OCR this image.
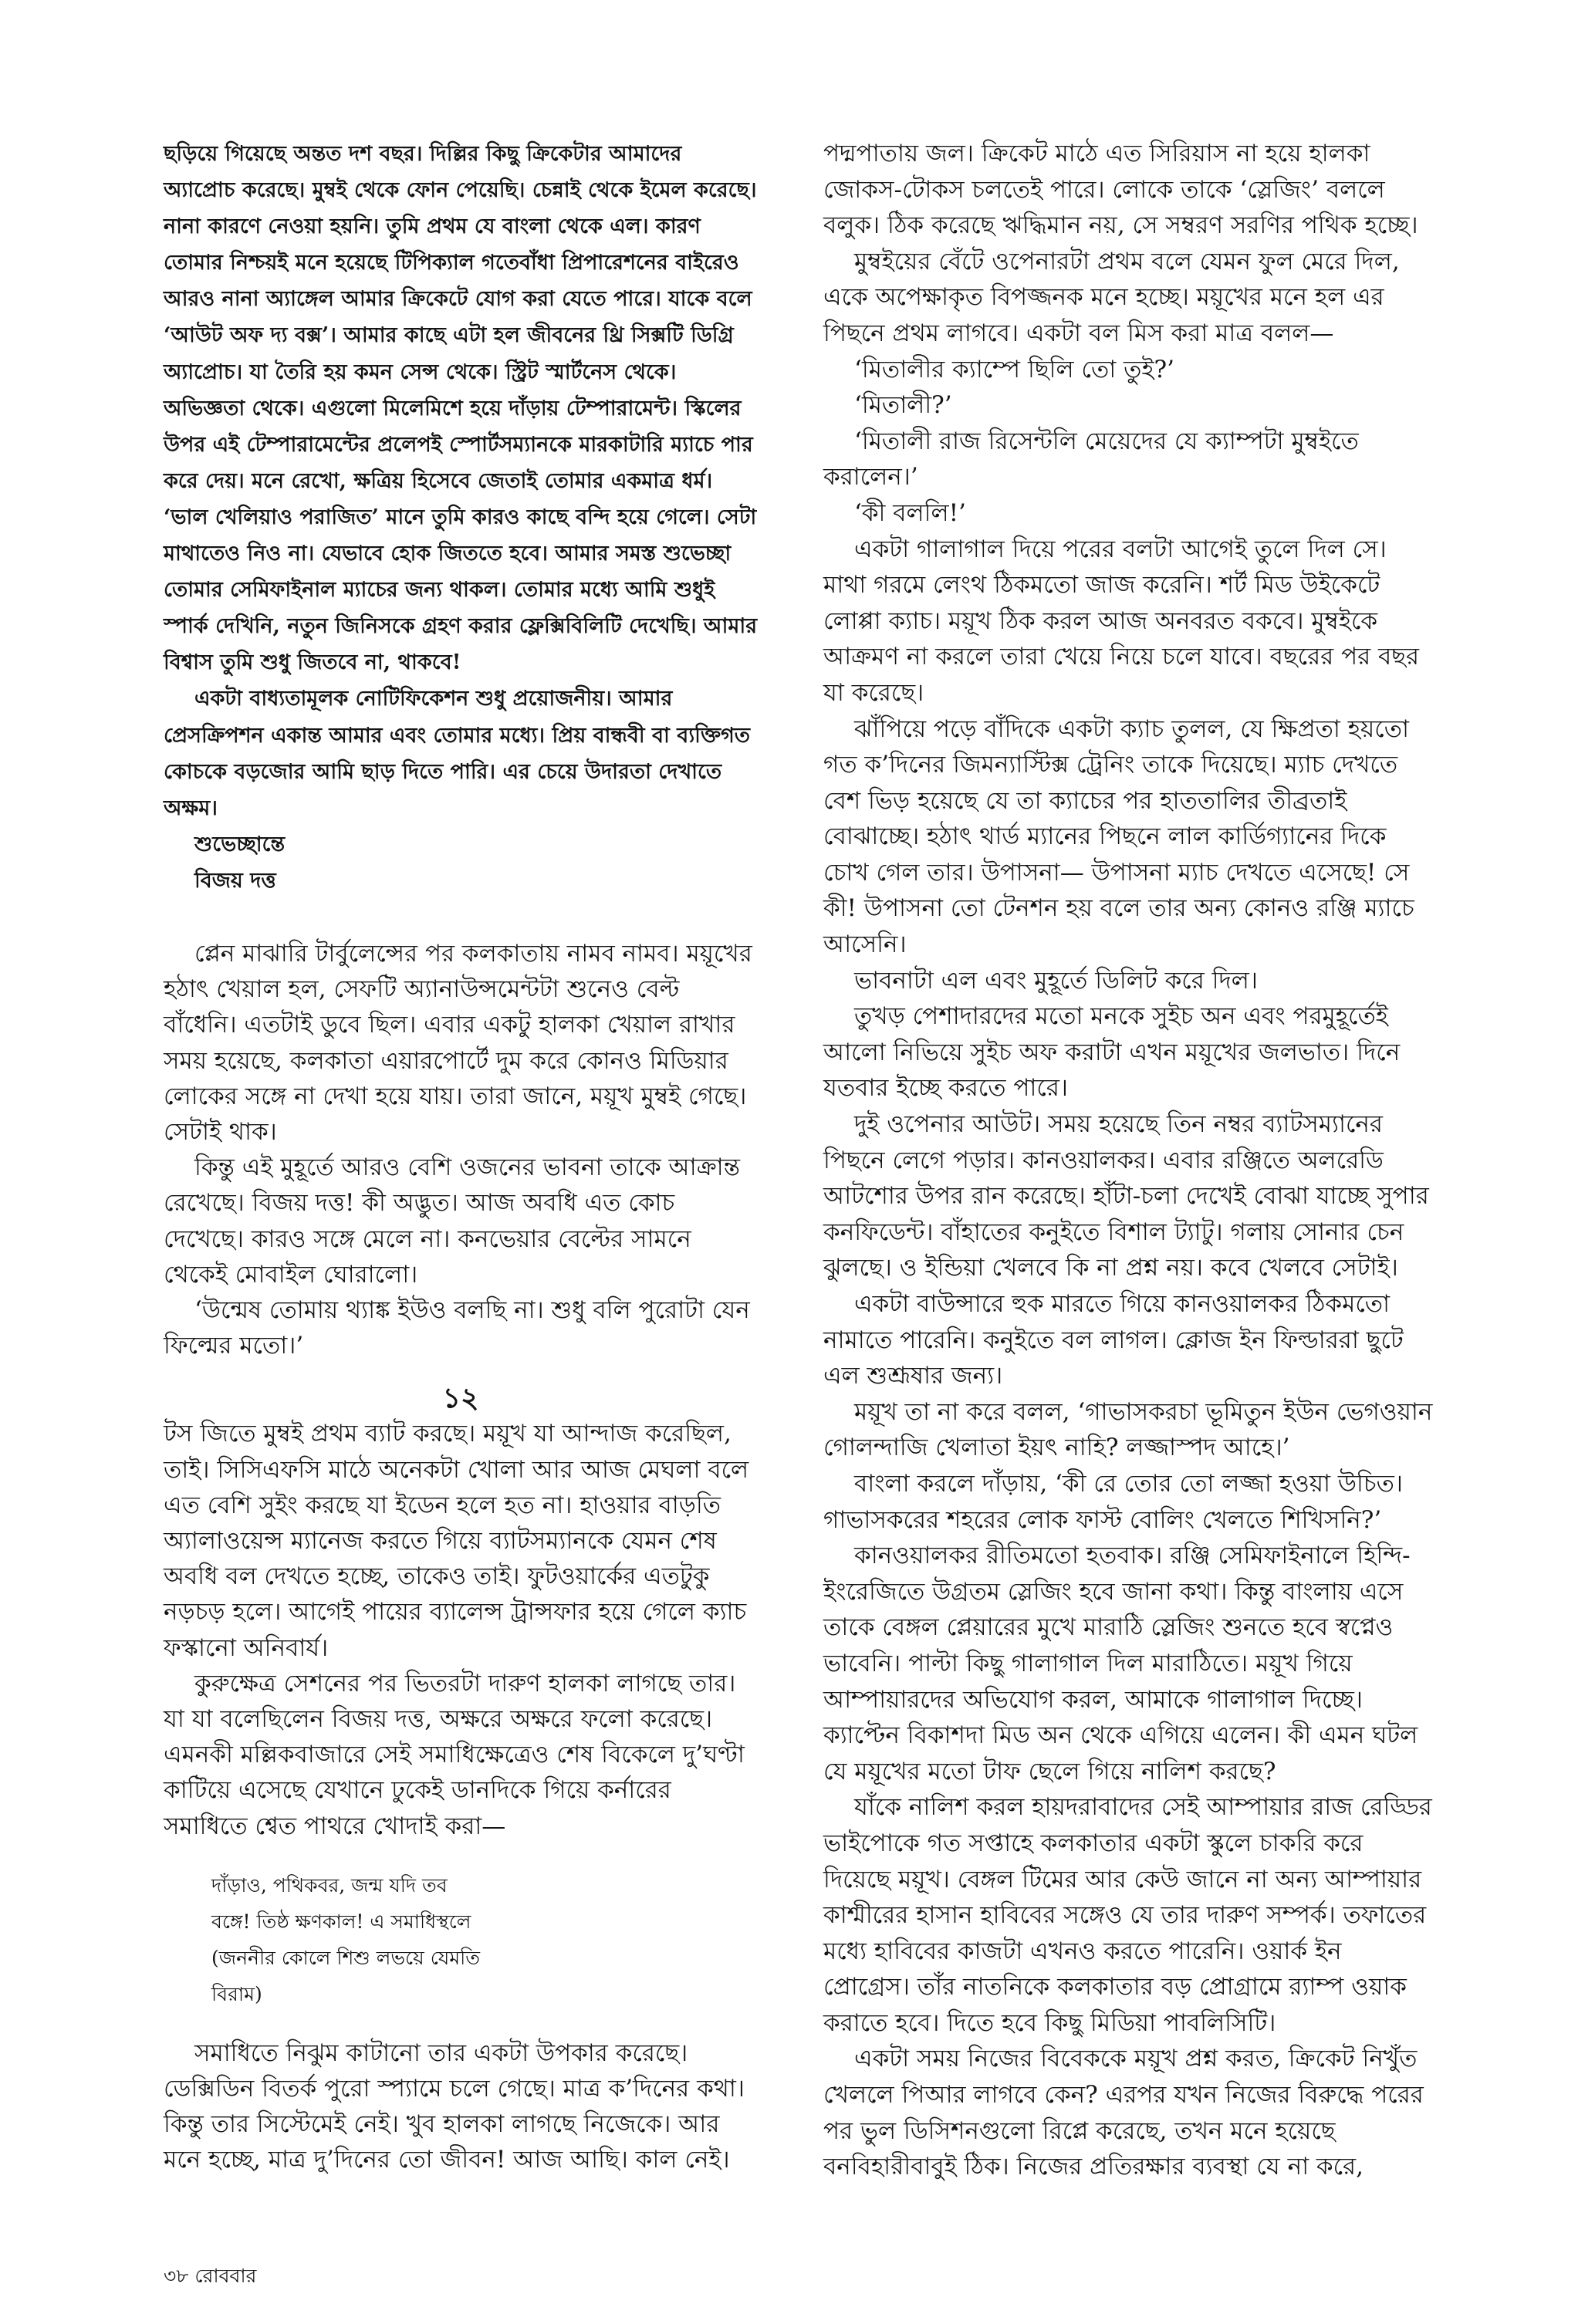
ছড়িয়ে গিয়েছে অন্তত দশ বছর। দিল্লির কিছু ক্রিকেটার আমাদের অ্যাপ্রোচ করেছে। মুম্বই থেকে ফোন পেয়েছি। চেন্নাই থেকে ইমেল করেছে। নানা কারণে নেওয়া হয়নি। তুমি প্রথম যে বাংলা থেকে এল। কারণ তোমার নিশ্চয়ই মনে হয়েছে টিপিক্যাল গতেবাঁধা প্রিপারেশনের বাইরেও আরও নানা অ্যাঙ্গেল আমার ক্রিকেটে যোগ করা যেতে পারে। যাকে বলে ‘আউট অফ দ্য বক্স’। আমার কাছে এটা হল জীবনের থ্রি সিক্সটি ডিগ্রি অ্যাপ্রোচ। যা তৈরি হয় কমন সেন্স থেকে। স্ট্রিট স্মার্টনেস থেকে। অভিজ্ঞতা থেকে। এগুলো মিলেমিশে হয়ে দাঁড়ায় টেম্পারামেন্ট। স্কিলের উপর এই টেম্পারামেন্টের প্রলেপই স্পোর্টসম্যানকে মারকাটারি ম্যাচে পার করে দেয়। মনে রেখো, ক্ষত্রিয় হিসেবে জেতাই তোমার একমাত্র ধর্ম। ‘ভাল খেলিয়াও পরাজিত’ মানে তুমি কারও কাছে বন্দি হয়ে গেলে। সেটা মাথাতেও নিও না। যেভাবে হোক জিততে হবে। আমার সমস্ত শুভেচ্ছা তোমার সেমিফাইনাল ম্যাচের জন্য থাকল। তোমার মধ্যে আমি শুধুই স্পার্ক দেখিনি, নতুন জিনিসকে গ্রহণ করার ফ্লেক্সিবিলিটি দেখেছি। আমার বিশ্বাস তুমি শুধু জিতবে না, থাকবে!

একটা বাধ্যতামূলক নোটিফিকেশন শুধু প্রয়োজনীয়। আমার প্রেসক্রিপশন একান্ত আমার এবং তোমার মধ্যে। প্রিয় বান্ধবী বা ব্যক্তিগত কোচকে বড়জোর আমি ছাড় দিতে পারি। এর চেয়ে উদারতা দেখাতে অক্ষম।

শুভেচ্ছান্তে
বিজয় দত্ত

প্লেন মাঝারি টার্বুলেন্সের পর কলকাতায় নামব নামব। ময়ূখের হঠাৎ খেয়াল হল, সেফটি অ্যানাউন্সমেন্টটা শুনেও বেল্ট বাঁধেনি। এতটাই ডুবে ছিল। এবার একটু হালকা খেয়াল রাখার সময় হয়েছে, কলকাতা এয়ারপোর্টে দুম করে কোনও মিডিয়ার লোকের সঙ্গে না দেখা হয়ে যায়। তারা জানে, ময়ূখ মুম্বই গেছে। সেটাই থাক।

কিন্তু এই মুহূর্তে আরও বেশি ওজনের ভাবনা তাকে আক্রান্ত রেখেছে। বিজয় দত্ত! কী অদ্ভুত। আজ অবধি এত কোচ দেখেছে। কারও সঙ্গে মেলে না। কনভেয়ার বেল্টের সামনে থেকেই মোবাইল ঘোরালো।

‘উন্মেষ তোমায় থ্যাঙ্ক ইউও বলছি না। শুধু বলি পুরোটা যেন ফিল্মের মতো।’

১২

টস জিতে মুম্বই প্রথম ব্যাট করছে। ময়ূখ যা আন্দাজ করেছিল, তাই। সিসিএফসি মাঠে অনেকটা খোলা আর আজ মেঘলা বলে এত বেশি সুইং করছে যা ইডেন হলে হত না। হাওয়ার বাড়তি অ্যালাওয়েন্স ম্যানেজ করতে গিয়ে ব্যাটসম্যানকে যেমন শেষ অবধি বল দেখতে হচ্ছে, তাকেও তাই। ফুটওয়ার্কের এতটুকু নড়চড় হলে। আগেই পায়ের ব্যালেন্স ট্রান্সফার হয়ে গেলে ক্যাচ ফস্কানো অনিবার্য।

কুরুক্ষেত্র সেশনের পর ভিতরটা দারুণ হালকা লাগছে তার। যা যা বলেছিলেন বিজয় দত্ত, অক্ষরে অক্ষরে ফলো করেছে। এমনকী মল্লিকবাজারে সেই সমাধিক্ষেত্রেও শেষ বিকেলে দু’ঘণ্টা কাটিয়ে এসেছে যেখানে ঢুকেই ডানদিকে গিয়ে কর্নারের সমাধিতে শ্বেত পাথরে খোদাই করা—

দাঁড়াও, পথিকবর, জন্ম যদি তব
বঙ্গে! তিষ্ঠ ক্ষণকাল! এ সমাধিস্থলে
(জননীর কোলে শিশু লভয়ে যেমতি
বিরাম)

সমাধিতে নিঝুম কাটানো তার একটা উপকার করেছে। ডেক্সিডিন বিতর্ক পুরো স্প্যামে চলে গেছে। মাত্র ক’দিনের কথা। কিন্তু তার সিস্টেমেই নেই। খুব হালকা লাগছে নিজেকে। আর মনে হচ্ছে, মাত্র দু’দিনের তো জীবন! আজ আছি। কাল নেই।

পদ্মপাতায় জল। ক্রিকেট মাঠে এত সিরিয়াস না হয়ে হালকা জোকস-টোকস চলতেই পারে। লোকে তাকে ‘স্লেজিং’ বললে বলুক। ঠিক করেছে ঋদ্ধিমান নয়, সে সম্বরণ সরণির পথিক হচ্ছে।

মুম্বইয়ের বেঁটে ওপেনারটা প্রথম বলে যেমন ফুল মেরে দিল, একে অপেক্ষাকৃত বিপজ্জনক মনে হচ্ছে। ময়ূখের মনে হল এর পিছনে প্রথম লাগবে। একটা বল মিস করা মাত্র বলল—

‘মিতালীর ক্যাম্পে ছিলি তো তুই?’

‘মিতালী?’

‘মিতালী রাজ রিসেন্টলি মেয়েদের যে ক্যাম্পটা মুম্বইতে করালেন।’

‘কী বললি!’

একটা গালাগাল দিয়ে পরের বলটা আগেই তুলে দিল সে। মাথা গরমে লেংথ ঠিকমতো জাজ করেনি। শর্ট মিড উইকেটে লোপ্পা ক্যাচ। ময়ূখ ঠিক করল আজ অনবরত বকবে। মুম্বইকে আক্রমণ না করলে তারা খেয়ে নিয়ে চলে যাবে। বছরের পর বছর যা করেছে।

ঝাঁপিয়ে পড়ে বাঁদিকে একটা ক্যাচ তুলল, যে ক্ষিপ্রতা হয়তো গত ক’দিনের জিমন্যাস্টিক্স ট্রেনিং তাকে দিয়েছে। ম্যাচ দেখতে বেশ ভিড় হয়েছে যে তা ক্যাচের পর হাততালির তীব্রতাই বোঝাচ্ছে। হঠাৎ থার্ড ম্যানের পিছনে লাল কার্ডিগ্যানের দিকে চোখ গেল তার। উপাসনা— উপাসনা ম্যাচ দেখতে এসেছে! সে কী! উপাসনা তো টেনশন হয় বলে তার অন্য কোনও রঞ্জি ম্যাচে আসেনি।

ভাবনাটা এল এবং মুহূর্তে ডিলিট করে দিল।

তুখড় পেশাদারদের মতো মনকে সুইচ অন এবং পরমুহূর্তেই আলো নিভিয়ে সুইচ অফ করাটা এখন ময়ূখের জলভাত। দিনে যতবার ইচ্ছে করতে পারে।

দুই ওপেনার আউট। সময় হয়েছে তিন নম্বর ব্যাটসম্যানের পিছনে লেগে পড়ার। কানওয়ালকর। এবার রঞ্জিতে অলরেডি আটশোর উপর রান করেছে। হাঁটা-চলা দেখেই বোঝা যাচ্ছে সুপার কনফিডেন্ট। বাঁহাতের কনুইতে বিশাল ট্যাটু। গলায় সোনার চেন ঝুলছে। ও ইন্ডিয়া খেলবে কি না প্রশ্ন নয়। কবে খেলবে সেটাই।

একটা বাউন্সারে হুক মারতে গিয়ে কানওয়ালকর ঠিকমতো নামাতে পারেনি। কনুইতে বল লাগল। ক্লোজ ইন ফিল্ডাররা ছুটে এল শুশ্রূষার জন্য।

ময়ূখ তা না করে বলল, ‘গাভাসকরচা ভূমিতুন ইউন ভেগওয়ান গোলন্দাজি খেলাতা ইয়ৎ নাহি? লজ্জাস্পদ আহে।’

বাংলা করলে দাঁড়ায়, ‘কী রে তোর তো লজ্জা হওয়া উচিত। গাভাসকরের শহরের লোক ফাস্ট বোলিং খেলতে শিখিসনি?’

কানওয়ালকর রীতিমতো হতবাক। রঞ্জি সেমিফাইনালে হিন্দি-ইংরেজিতে উগ্রতম স্লেজিং হবে জানা কথা। কিন্তু বাংলায় এসে তাকে বেঙ্গল প্লেয়ারের মুখে মারাঠি স্লেজিং শুনতে হবে স্বপ্নেও ভাবেনি। পাল্টা কিছু গালাগাল দিল মারাঠিতে। ময়ূখ গিয়ে আম্পায়ারদের অভিযোগ করল, আমাকে গালাগাল দিচ্ছে। ক্যাপ্টেন বিকাশদা মিড অন থেকে এগিয়ে এলেন। কী এমন ঘটল যে ময়ূখের মতো টাফ ছেলে গিয়ে নালিশ করছে?

যাঁকে নালিশ করল হায়দরাবাদের সেই আম্পায়ার রাজ রেড্ডির ভাইপোকে গত সপ্তাহে কলকাতার একটা স্কুলে চাকরি করে দিয়েছে ময়ূখ। বেঙ্গল টিমের আর কেউ জানে না অন্য আম্পায়ার কাশ্মীরের হাসান হাবিবের সঙ্গেও যে তার দারুণ সম্পর্ক। তফাতের মধ্যে হাবিবের কাজটা এখনও করতে পারেনি। ওয়ার্ক ইন প্রোগ্রেস। তাঁর নাতনিকে কলকাতার বড় প্রোগ্রামে র‍্যাম্প ওয়াক করাতে হবে। দিতে হবে কিছু মিডিয়া পাবলিসিটি।

একটা সময় নিজের বিবেককে ময়ূখ প্রশ্ন করত, ক্রিকেট নিখুঁত খেললে পিআর লাগবে কেন? এরপর যখন নিজের বিরুদ্ধে পরের পর ভুল ডিসিশনগুলো রিপ্লে করেছে, তখন মনে হয়েছে বনবিহারীবাবুই ঠিক। নিজের প্রতিরক্ষার ব্যবস্থা যে না করে,

৩৮ রোববার
